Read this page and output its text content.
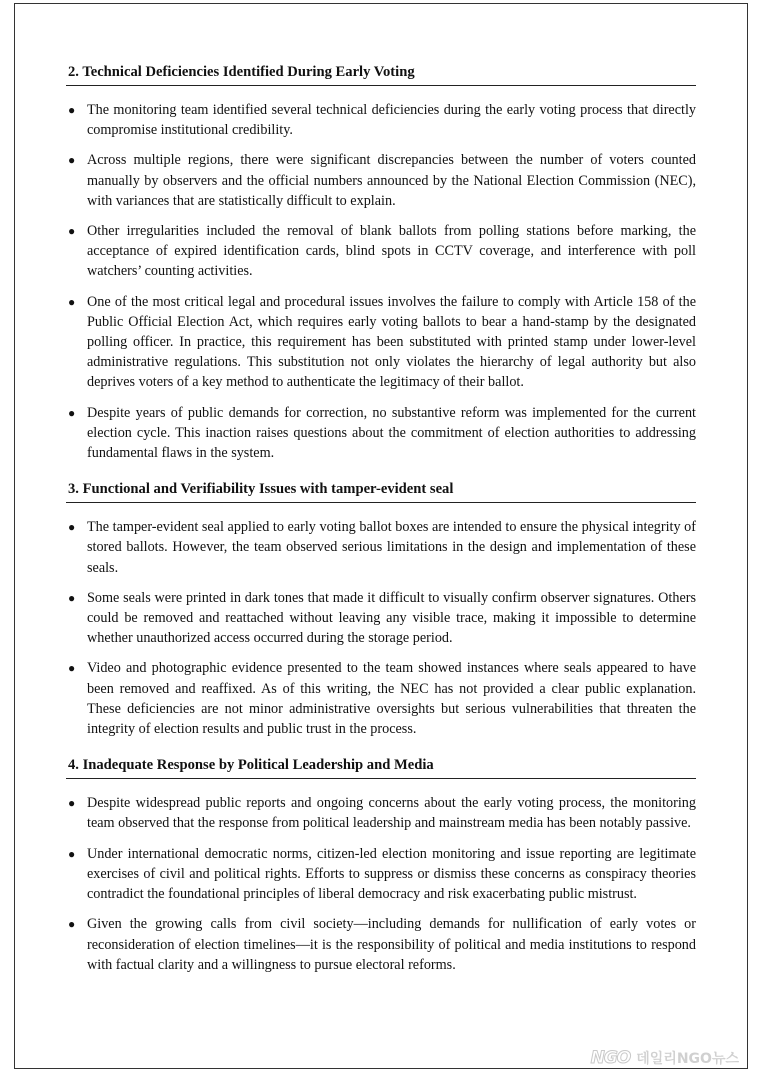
2. Technical Deficiencies Identified During Early Voting
● The monitoring team identified several technical deficiencies during the early voting process that directly compromise institutional credibility.
● Across multiple regions, there were significant discrepancies between the number of voters counted manually by observers and the official numbers announced by the National Election Commission (NEC), with variances that are statistically difficult to explain.
● Other irregularities included the removal of blank ballots from polling stations before marking, the acceptance of expired identification cards, blind spots in CCTV coverage, and interference with poll watchers’ counting activities.
● One of the most critical legal and procedural issues involves the failure to comply with Article 158 of the Public Official Election Act, which requires early voting ballots to bear a hand-stamp by the designated polling officer. In practice, this requirement has been substituted with printed stamp under lower-level administrative regulations. This substitution not only violates the hierarchy of legal authority but also deprives voters of a key method to authenticate the legitimacy of their ballot.
● Despite years of public demands for correction, no substantive reform was implemented for the current election cycle. This inaction raises questions about the commitment of election authorities to addressing fundamental flaws in the system.
3. Functional and Verifiability Issues with tamper-evident seal
● The tamper-evident seal applied to early voting ballot boxes are intended to ensure the physical integrity of stored ballots. However, the team observed serious limitations in the design and implementation of these seals.
● Some seals were printed in dark tones that made it difficult to visually confirm observer signatures. Others could be removed and reattached without leaving any visible trace, making it impossible to determine whether unauthorized access occurred during the storage period.
● Video and photographic evidence presented to the team showed instances where seals appeared to have been removed and reaffixed. As of this writing, the NEC has not provided a clear public explanation. These deficiencies are not minor administrative oversights but serious vulnerabilities that threaten the integrity of election results and public trust in the process.
4. Inadequate Response by Political Leadership and Media
● Despite widespread public reports and ongoing concerns about the early voting process, the monitoring team observed that the response from political leadership and mainstream media has been notably passive.
● Under international democratic norms, citizen-led election monitoring and issue reporting are legitimate exercises of civil and political rights. Efforts to suppress or dismiss these concerns as conspiracy theories contradict the foundational principles of liberal democracy and risk exacerbating public mistrust.
● Given the growing calls from civil society—including demands for nullification of early votes or reconsideration of election timelines—it is the responsibility of political and media institutions to respond with factual clarity and a willingness to pursue electoral reforms.
NGO 데일리NGO뉴스
